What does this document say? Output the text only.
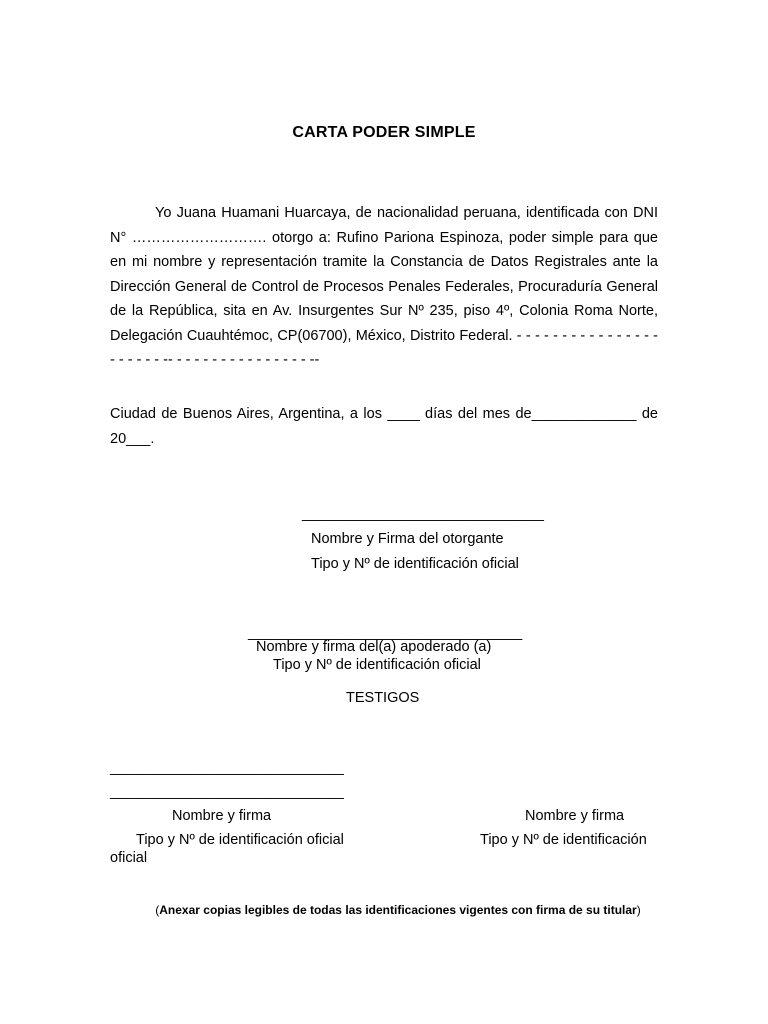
CARTA PODER SIMPLE

Yo Juana Huamani Huarcaya, de nacionalidad peruana, identificada con DNI N° ………………………. otorgo a: Rufino Pariona Espinoza, poder simple para que en mi nombre y representación tramite la Constancia de Datos Registrales ante la Dirección General de Control de Procesos Penales Federales, Procuraduría General de la República, sita en Av. Insurgentes Sur Nº 235, piso 4º, Colonia Roma Norte, Delegación Cuauhtémoc, CP(06700), México, Distrito Federal. - - - - - - - - - - - - - - - - - - - - - - -- - - - - - - - - - - - - - - - --

Ciudad de Buenos Aires, Argentina, a los ____ días del mes de_____________ de 20___.

______________________________
Nombre y Firma del otorgante
Tipo y Nº de identificación oficial
__________________________________
Nombre y firma del(a) apoderado (a)
Tipo y Nº de identificación oficial
TESTIGOS
_____________________________
_____________________________
Nombre y firma	Nombre y firma
Tipo y Nº de identificación oficial	Tipo y Nº de identificación
oficial
(Anexar copias legibles de todas las identificaciones vigentes con firma de su titular)
